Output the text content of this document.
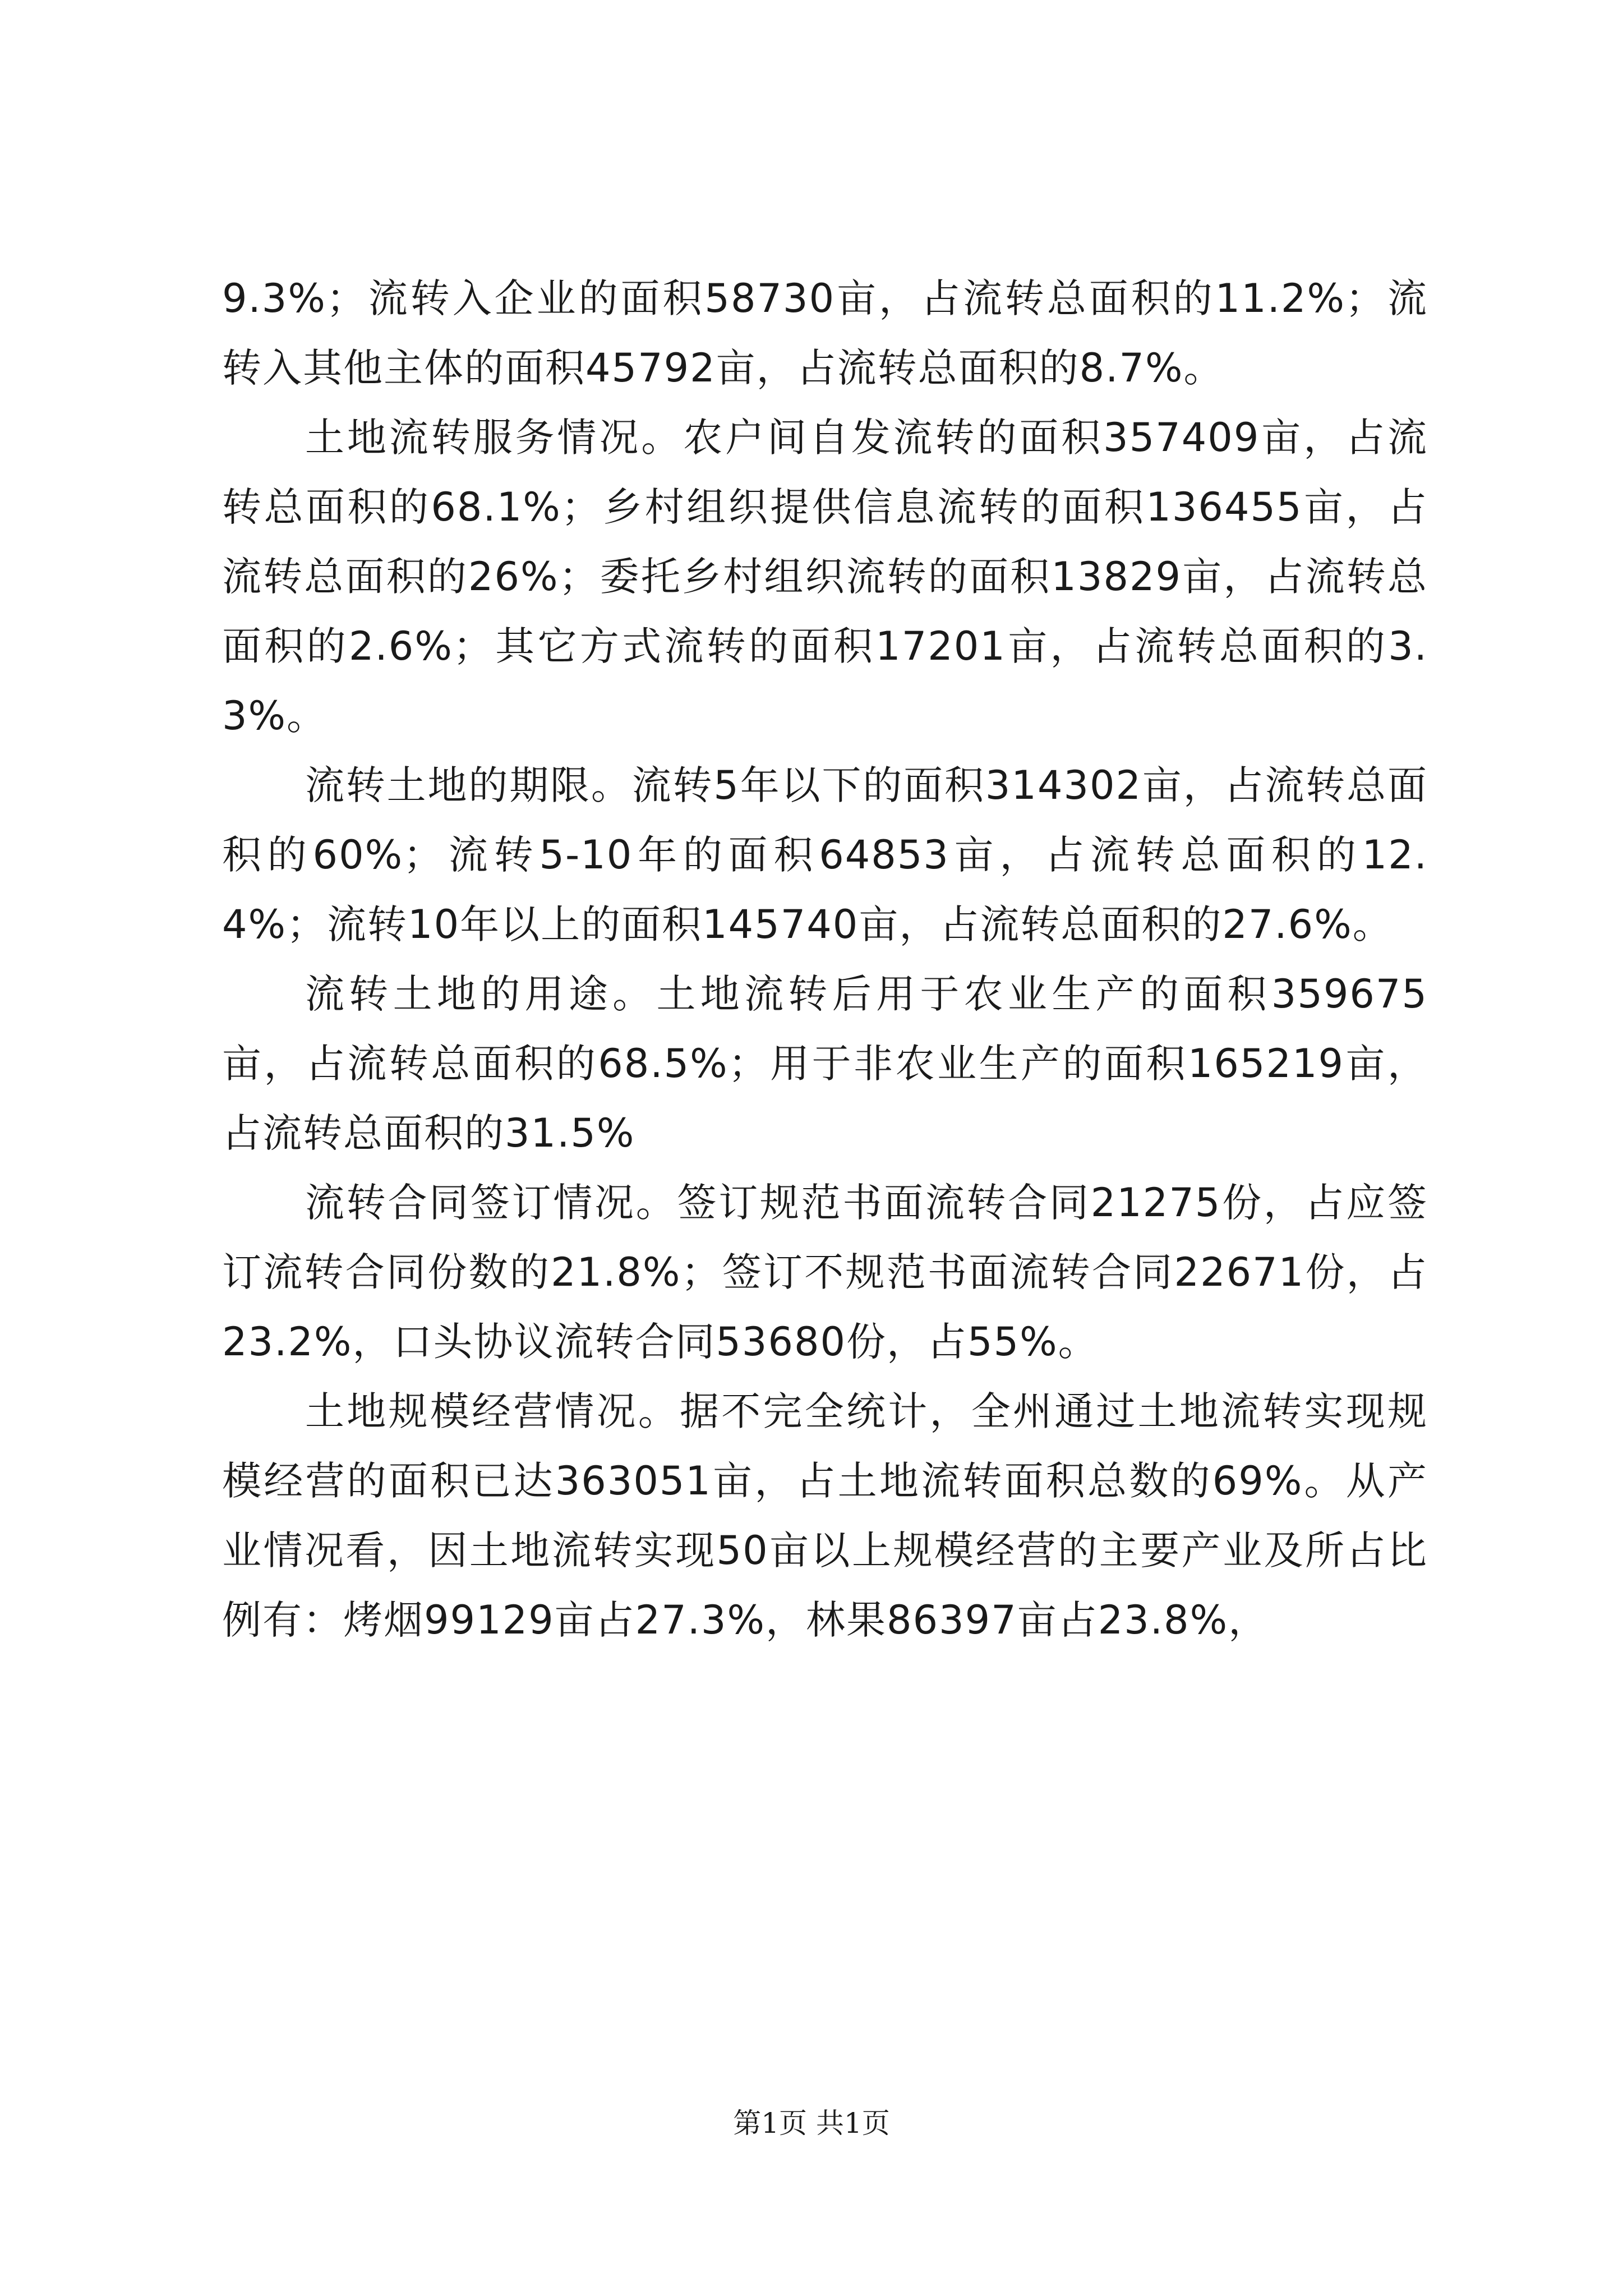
9.3%；流转入企业的面积58730亩，占流转总面积的11.2%；流转入其他主体的面积45792亩，占流转总面积的8.7%。

土地流转服务情况。农户间自发流转的面积357409亩，占流转总面积的68.1%；乡村组织提供信息流转的面积136455亩，占流转总面积的26%；委托乡村组织流转的面积13829亩，占流转总面积的2.6%；其它方式流转的面积17201亩，占流转总面积的3.3%。

流转土地的期限。流转5年以下的面积314302亩，占流转总面积的60%；流转5-10年的面积64853亩，占流转总面积的12.4%；流转10年以上的面积145740亩，占流转总面积的27.6%。

流转土地的用途。土地流转后用于农业生产的面积359675亩，占流转总面积的68.5%；用于非农业生产的面积165219亩，占流转总面积的31.5%

流转合同签订情况。签订规范书面流转合同21275份，占应签订流转合同份数的21.8%；签订不规范书面流转合同22671份，占23.2%，口头协议流转合同53680份，占55%。

土地规模经营情况。据不完全统计，全州通过土地流转实现规模经营的面积已达363051亩，占土地流转面积总数的69%。从产业情况看，因土地流转实现50亩以上规模经营的主要产业及所占比例有：烤烟99129亩占27.3%，林果86397亩占23.8%，

第1页 共1页
